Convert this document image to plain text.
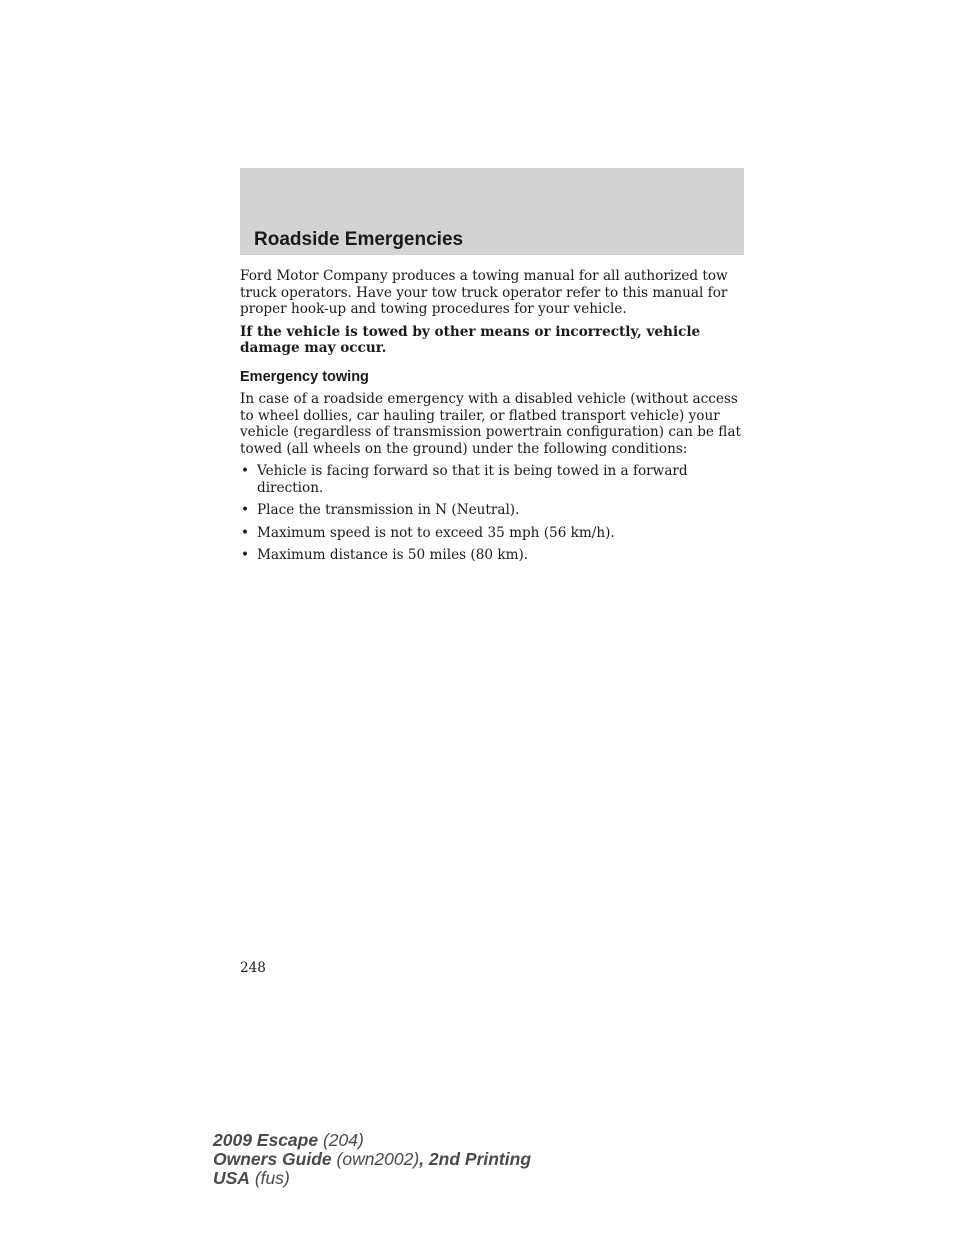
Roadside Emergencies

Ford Motor Company produces a towing manual for all authorized tow truck operators. Have your tow truck operator refer to this manual for proper hook-up and towing procedures for your vehicle.

If the vehicle is towed by other means or incorrectly, vehicle damage may occur.

Emergency towing

In case of a roadside emergency with a disabled vehicle (without access to wheel dollies, car hauling trailer, or flatbed transport vehicle) your vehicle (regardless of transmission powertrain configuration) can be flat towed (all wheels on the ground) under the following conditions:

• Vehicle is facing forward so that it is being towed in a forward direction.
• Place the transmission in N (Neutral).
• Maximum speed is not to exceed 35 mph (56 km/h).
• Maximum distance is 50 miles (80 km).
248
2009 Escape (204)
Owners Guide (own2002), 2nd Printing
USA (fus)
